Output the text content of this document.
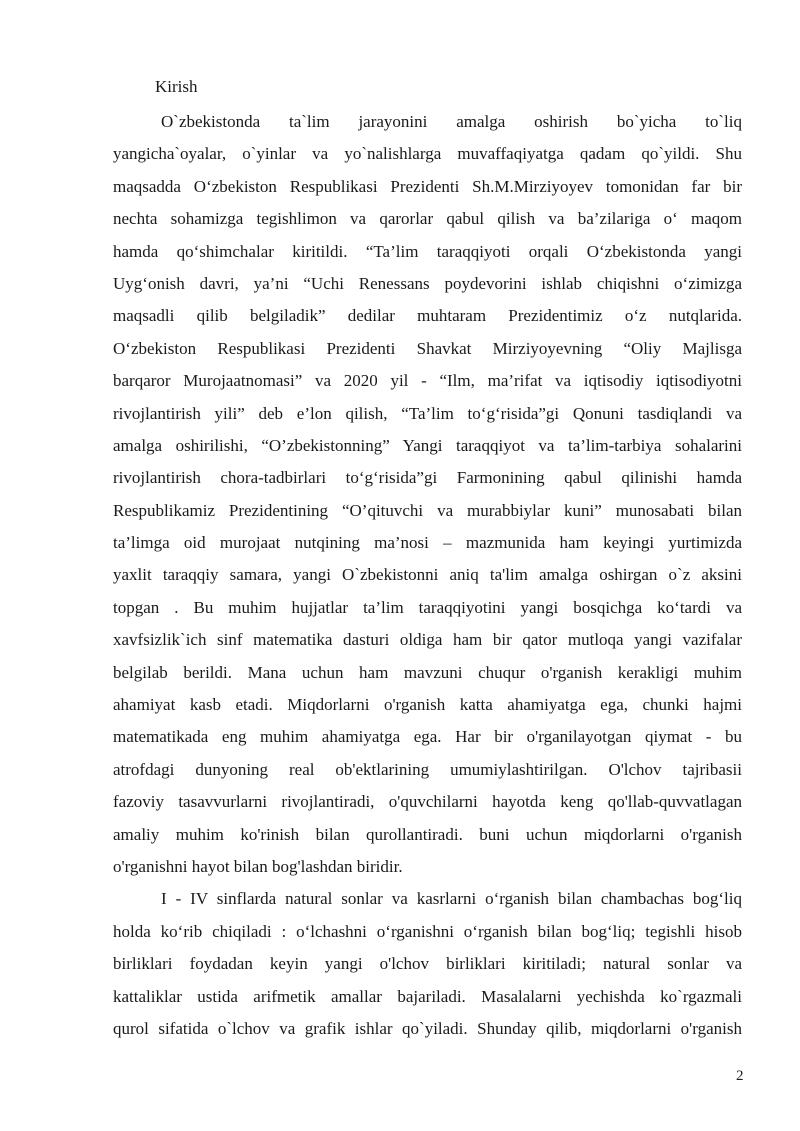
Kirish
O`zbekistonda ta`lim jarayonini amalga oshirish bo`yicha to`liq
yangicha`oyalar, o`yinlar va yo`nalishlarga muvaffaqiyatga qadam qo`yildi. Shu
maqsadda O‘zbekiston Respublikasi Prezidenti Sh.M.Mirziyoyev tomonidan far bir
nechta sohamizga tegishlimon va qarorlar qabul qilish va ba’zilariga o‘ maqom
hamda qo‘shimchalar kiritildi. “Ta’lim taraqqiyoti orqali O‘zbekistonda yangi
Uyg‘onish davri, ya’ni “Uchi Renessans poydevorini ishlab chiqishni o‘zimizga
maqsadli qilib belgiladik” dedilar muhtaram Prezidentimiz o‘z nutqlarida.
O‘zbekiston Respublikasi Prezidenti Shavkat Mirziyoyevning “Oliy Majlisga
barqaror Murojaatnomasi” va 2020 yil - “Ilm, ma’rifat va iqtisodiy iqtisodiyotni
rivojlantirish yili” deb e’lon qilish, “Ta’lim to‘g‘risida”gi Qonuni tasdiqlandi va
amalga oshirilishi, “O’zbekistonning” Yangi taraqqiyot va ta’lim-tarbiya sohalarini
rivojlantirish chora-tadbirlari to‘g‘risida”gi Farmonining qabul qilinishi hamda
Respublikamiz Prezidentining “O’qituvchi va murabbiylar kuni” munosabati bilan
ta’limga oid murojaat nutqining ma’nosi – mazmunida ham keyingi yurtimizda
yaxlit taraqqiy samara, yangi O`zbekistonni aniq ta'lim amalga oshirgan o`z aksini
topgan . Bu muhim hujjatlar ta’lim taraqqiyotini yangi bosqichga ko‘tardi va
xavfsizlik`ich sinf matematika dasturi oldiga ham bir qator mutloqa yangi vazifalar
belgilab berildi. Mana uchun ham mavzuni chuqur o'rganish kerakligi muhim
ahamiyat kasb etadi. Miqdorlarni o'rganish katta ahamiyatga ega, chunki hajmi
matematikada eng muhim ahamiyatga ega. Har bir o'rganilayotgan qiymat - bu
atrofdagi dunyoning real ob'ektlarining umumiylashtirilgan. O'lchov tajribasii
fazoviy tasavvurlarni rivojlantiradi, o'quvchilarni hayotda keng qo'llab-quvvatlagan
amaliy muhim ko'rinish bilan qurollantiradi. buni uchun miqdorlarni o'rganish
o'rganishni hayot bilan bog'lashdan biridir.
I - IV sinflarda natural sonlar va kasrlarni o‘rganish bilan chambachas bog‘liq
holda ko‘rib chiqiladi : o‘lchashni o‘rganishni o‘rganish bilan bog‘liq; tegishli hisob
birliklari foydadan keyin yangi o'lchov birliklari kiritiladi; natural sonlar va
kattaliklar ustida arifmetik amallar bajariladi. Masalalarni yechishda ko`rgazmali
qurol sifatida o`lchov va grafik ishlar qo`yiladi. Shunday qilib, miqdorlarni o'rganish
2
